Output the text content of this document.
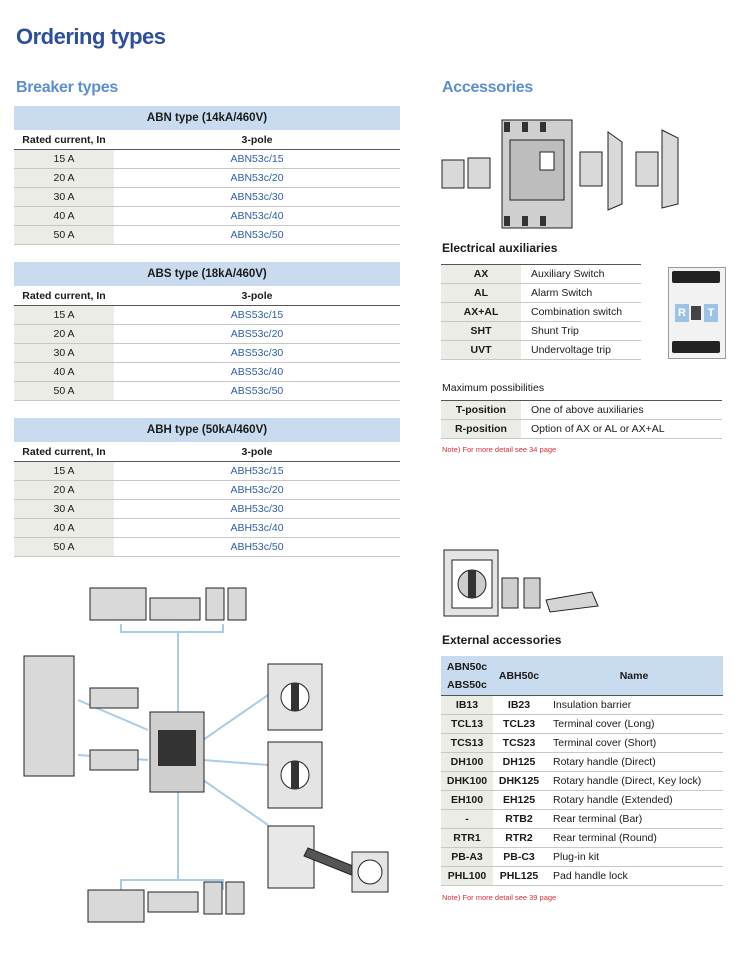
Ordering types
Breaker types
ABN type (14kA/460V)	
Rated current, In	3-pole
15 A	ABN53c/15
20 A	ABN53c/20
30 A	ABN53c/30
40 A	ABN53c/40
50 A	ABN53c/50
ABS type (18kA/460V)	
Rated current, In	3-pole
15 A	ABS53c/15
20 A	ABS53c/20
30 A	ABS53c/30
40 A	ABS53c/40
50 A	ABS53c/50
ABH type (50kA/460V)	
Rated current, In	3-pole
15 A	ABH53c/15
20 A	ABH53c/20
30 A	ABH53c/30
40 A	ABH53c/40
50 A	ABH53c/50
Accessories
Electrical auxiliaries
AX	Auxiliary Switch
AL	Alarm Switch
AX+AL	Combination switch
SHT	Shunt Trip
UVT	Undervoltage trip
R	T
Maximum possibilities
T-position	One of above auxiliaries
R-position	Option of AX or AL or AX+AL
Note) For more detail see 34 page
External accessories
ABN50c
ABS50c	ABH50c	Name
IB13	IB23	Insulation barrier
TCL13	TCL23	Terminal cover (Long)
TCS13	TCS23	Terminal cover (Short)
DH100	DH125	Rotary handle (Direct)
DHK100	DHK125	Rotary handle (Direct, Key lock)
EH100	EH125	Rotary handle (Extended)
-	RTB2	Rear terminal (Bar)
RTR1	RTR2	Rear terminal (Round)
PB-A3	PB-C3	Plug-in kit
PHL100	PHL125	Pad handle lock
Note) For more detail see 39 page
